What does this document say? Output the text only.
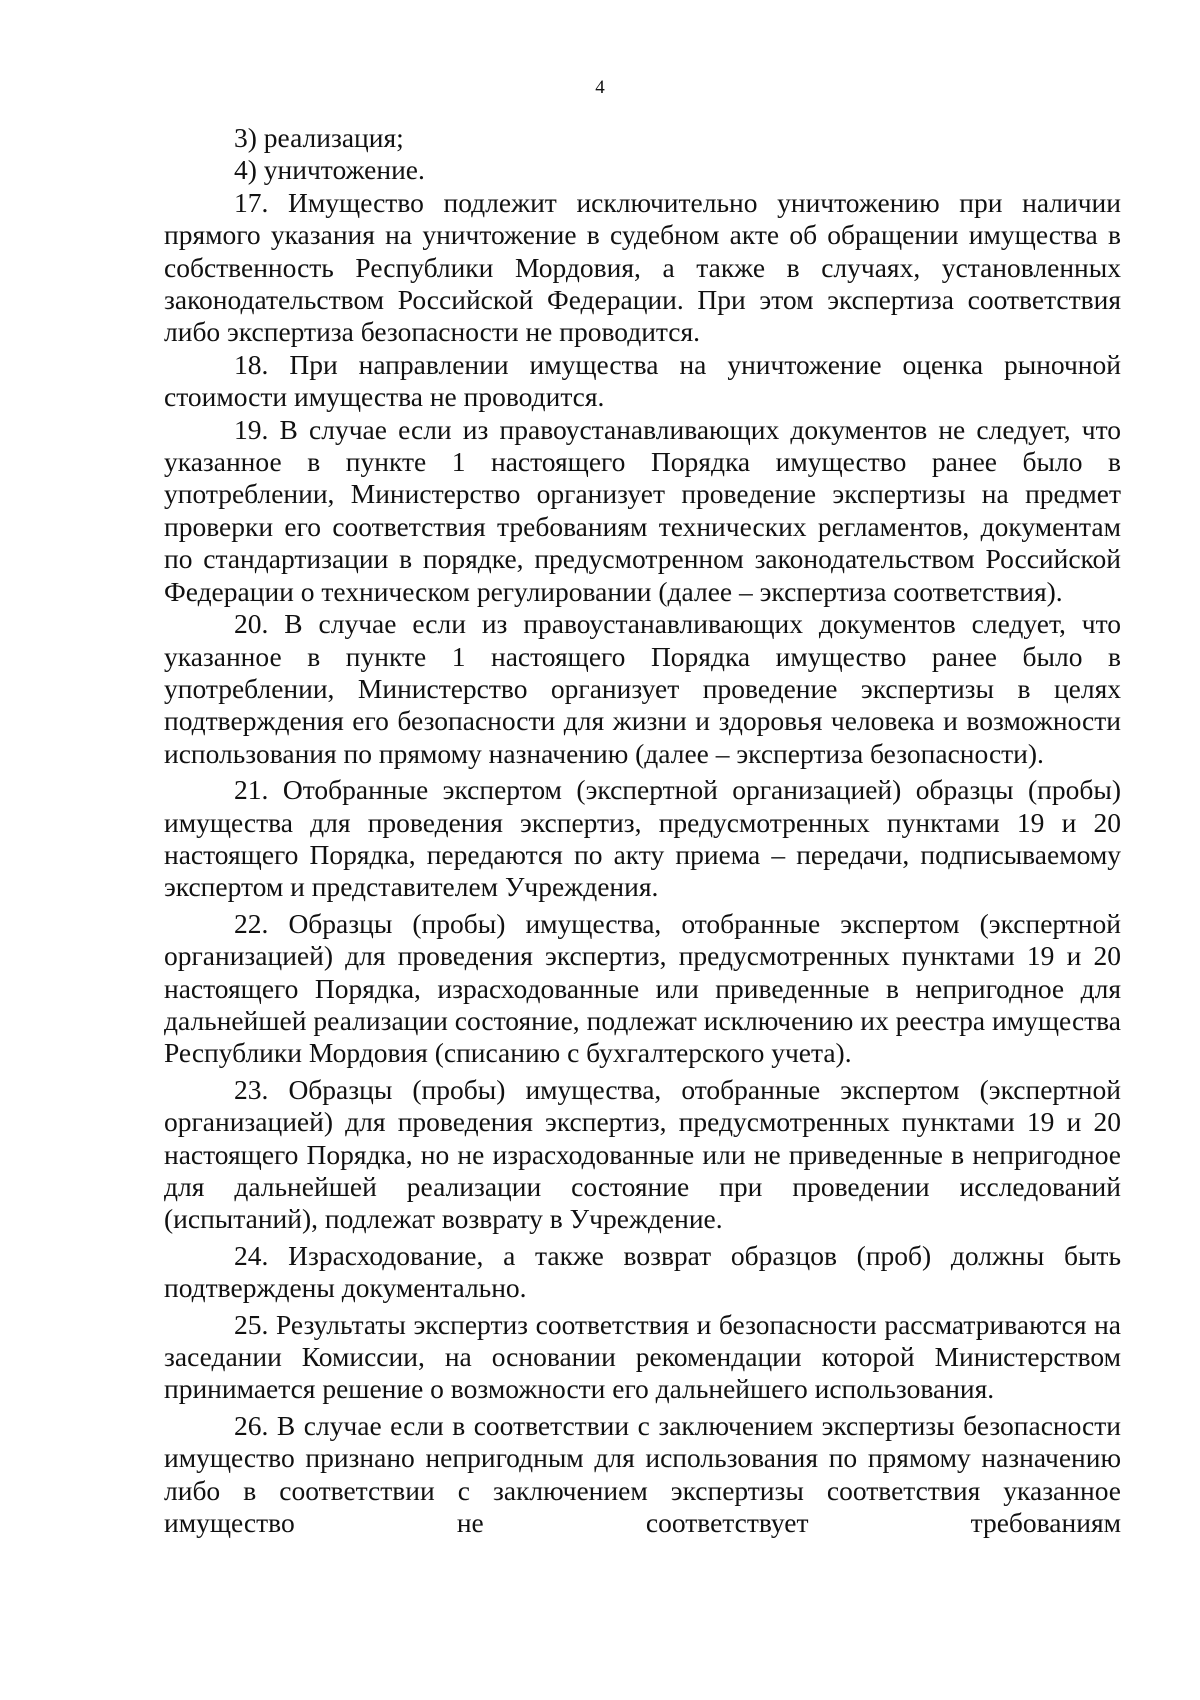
4

3) реализация;

4) уничтожение.

17. Имущество подлежит исключительно уничтожению при наличии прямого указания на уничтожение в судебном акте об обращении имущества в собственность Республики Мордовия, а также в случаях, установленных законодательством Российской Федерации. При этом экспертиза соответствия либо экспертиза безопасности не проводится.

18. При направлении имущества на уничтожение оценка рыночной стоимости имущества не проводится.

19. В случае если из правоустанавливающих документов не следует, что указанное в пункте 1 настоящего Порядка имущество ранее было в употреблении, Министерство организует проведение экспертизы на предмет проверки его соответствия требованиям технических регламентов, документам по стандартизации в порядке, предусмотренном законодательством Российской Федерации о техническом регулировании (далее – экспертиза соответствия).

20. В случае если из правоустанавливающих документов следует, что указанное в пункте 1 настоящего Порядка имущество ранее было в употреблении, Министерство организует проведение экспертизы в целях подтверждения его безопасности для жизни и здоровья человека и возможности использования по прямому назначению (далее – экспертиза безопасности).

21. Отобранные экспертом (экспертной организацией) образцы (пробы) имущества для проведения экспертиз, предусмотренных пунктами 19 и 20 настоящего Порядка, передаются по акту приема – передачи, подписываемому экспертом и представителем Учреждения.

22. Образцы (пробы) имущества, отобранные экспертом (экспертной организацией) для проведения экспертиз, предусмотренных пунктами 19 и 20 настоящего Порядка, израсходованные или приведенные в непригодное для дальнейшей реализации состояние, подлежат исключению их реестра имущества Республики Мордовия (списанию с бухгалтерского учета).

23. Образцы (пробы) имущества, отобранные экспертом (экспертной организацией) для проведения экспертиз, предусмотренных пунктами 19 и 20 настоящего Порядка, но не израсходованные или не приведенные в непригодное для дальнейшей реализации состояние при проведении исследований (испытаний), подлежат возврату в Учреждение.

24. Израсходование, а также возврат образцов (проб) должны быть подтверждены документально.

25. Результаты экспертиз соответствия и безопасности рассматриваются на заседании Комиссии, на основании рекомендации которой Министерством принимается решение о возможности его дальнейшего использования.

26. В случае если в соответствии с заключением экспертизы безопасности имущество признано непригодным для использования по прямому назначению либо в соответствии с заключением экспертизы соответствия указанное имущество не соответствует требованиям
